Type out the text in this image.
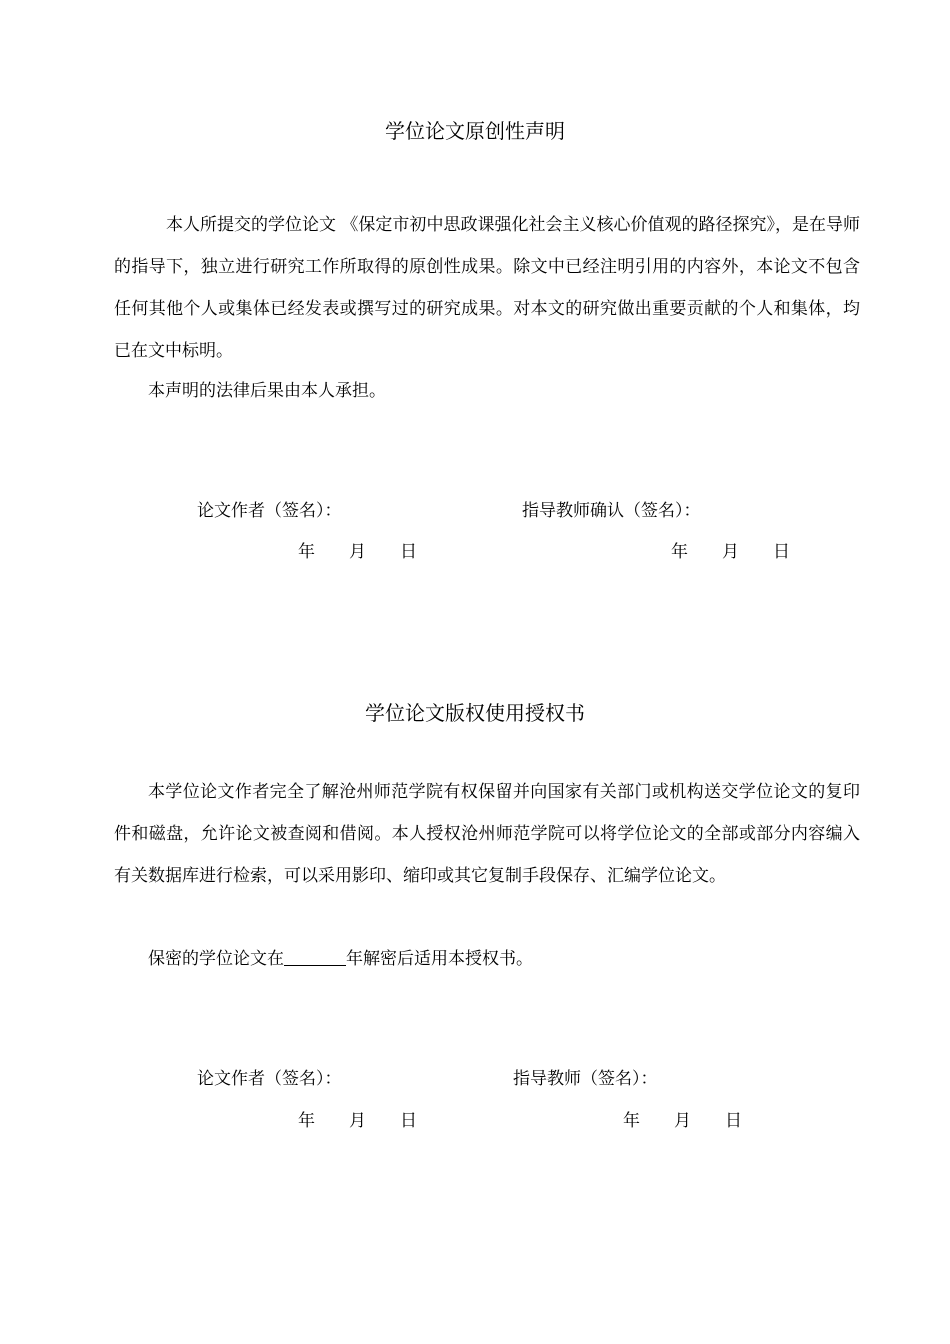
学位论文原创性声明
本人所提交的学位论文 《保定市初中思政课强化社会主义核心价值观的路径探究》，是在导师的指导下，独立进行研究工作所取得的原创性成果。除文中已经注明引用的内容外，本论文不包含任何其他个人或集体已经发表或撰写过的研究成果。对本文的研究做出重要贡献的个人和集体，均已在文中标明。
本声明的法律后果由本人承担。
论文作者（签名）：	指导教师确认（签名）：
年 月 日	年 月 日
学位论文版权使用授权书
本学位论文作者完全了解沧州师范学院有权保留并向国家有关部门或机构送交学位论文的复印件和磁盘，允许论文被查阅和借阅。本人授权沧州师范学院可以将学位论文的全部或部分内容编入有关数据库进行检索，可以采用影印、缩印或其它复制手段保存、汇编学位论文。
保密的学位论文在	年解密后适用本授权书。
论文作者（签名）：	指导教师（签名）：
年 月 日	年 月 日
